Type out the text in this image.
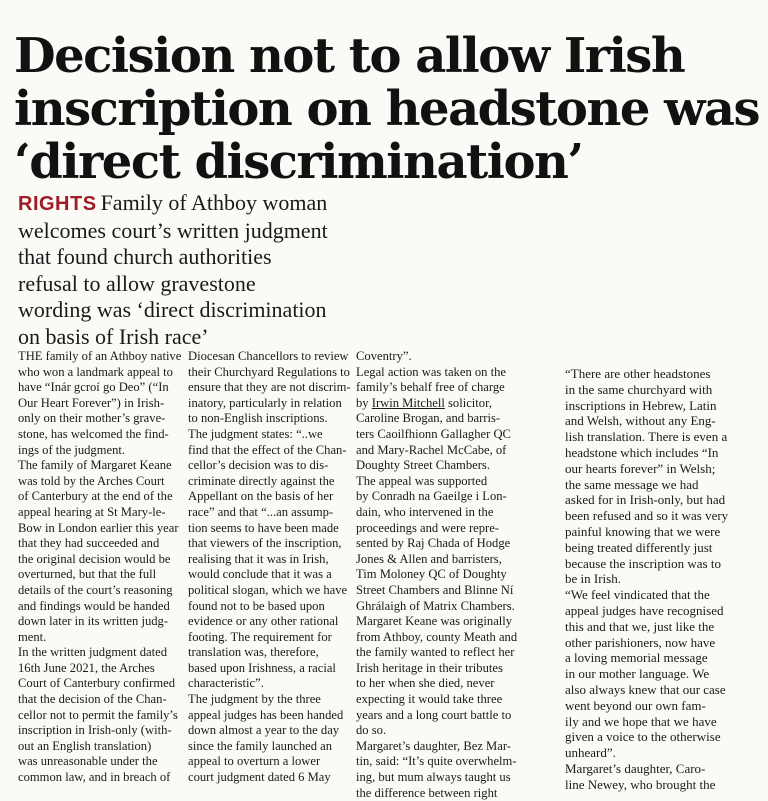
Decision not to allow Irish
inscription on headstone was
‘direct discrimination’
RIGHTS Family of Athboy woman
welcomes court’s written judgment
that found church authorities
refusal to allow gravestone
wording was ‘direct discrimination
on basis of Irish race’
THE family of an Athboy native
who won a landmark appeal to
have “Inár gcroí go Deo” (“In
Our Heart Forever”) in Irish-
only on their mother’s grave-
stone, has welcomed the find-
ings of the judgment.
The family of Margaret Keane
was told by the Arches Court
of Canterbury at the end of the
appeal hearing at St Mary-le-
Bow in London earlier this year
that they had succeeded and
the original decision would be
overturned, but that the full
details of the court’s reasoning
and findings would be handed
down later in its written judg-
ment.
In the written judgment dated
16th June 2021, the Arches
Court of Canterbury confirmed
that the decision of the Chan-
cellor not to permit the family’s
inscription in Irish-only (with-
out an English translation)
was unreasonable under the
common law, and in breach of
Diocesan Chancellors to review
their Churchyard Regulations to
ensure that they are not discrim-
inatory, particularly in relation
to non-English inscriptions.
The judgment states: “..we
find that the effect of the Chan-
cellor’s decision was to dis-
criminate directly against the
Appellant on the basis of her
race” and that “...an assump-
tion seems to have been made
that viewers of the inscription,
realising that it was in Irish,
would conclude that it was a
political slogan, which we have
found not to be based upon
evidence or any other rational
footing. The requirement for
translation was, therefore,
based upon Irishness, a racial
characteristic”.
The judgment by the three
appeal judges has been handed
down almost a year to the day
since the family launched an
appeal to overturn a lower
court judgment dated 6 May
Coventry”.
Legal action was taken on the
family’s behalf free of charge
by Irwin Mitchell solicitor,
Caroline Brogan, and barris-
ters Caoilfhionn Gallagher QC
and Mary-Rachel McCabe, of
Doughty Street Chambers.
The appeal was supported
by Conradh na Gaeilge i Lon-
dain, who intervened in the
proceedings and were repre-
sented by Raj Chada of Hodge
Jones & Allen and barristers,
Tim Moloney QC of Doughty
Street Chambers and Blinne Ní
Ghrálaigh of Matrix Chambers.
Margaret Keane was originally
from Athboy, county Meath and
the family wanted to reflect her
Irish heritage in their tributes
to her when she died, never
expecting it would take three
years and a long court battle to
do so.
Margaret’s daughter, Bez Mar-
tin, said: “It’s quite overwhelm-
ing, but mum always taught us
the difference between right
“There are other headstones
in the same churchyard with
inscriptions in Hebrew, Latin
and Welsh, without any Eng-
lish translation. There is even a
headstone which includes “In
our hearts forever” in Welsh;
the same message we had
asked for in Irish-only, but had
been refused and so it was very
painful knowing that we were
being treated differently just
because the inscription was to
be in Irish.
“We feel vindicated that the
appeal judges have recognised
this and that we, just like the
other parishioners, now have
a loving memorial message
in our mother language. We
also always knew that our case
went beyond our own fam-
ily and we hope that we have
given a voice to the otherwise
unheard”.
Margaret’s daughter, Caro-
line Newey, who brought the
